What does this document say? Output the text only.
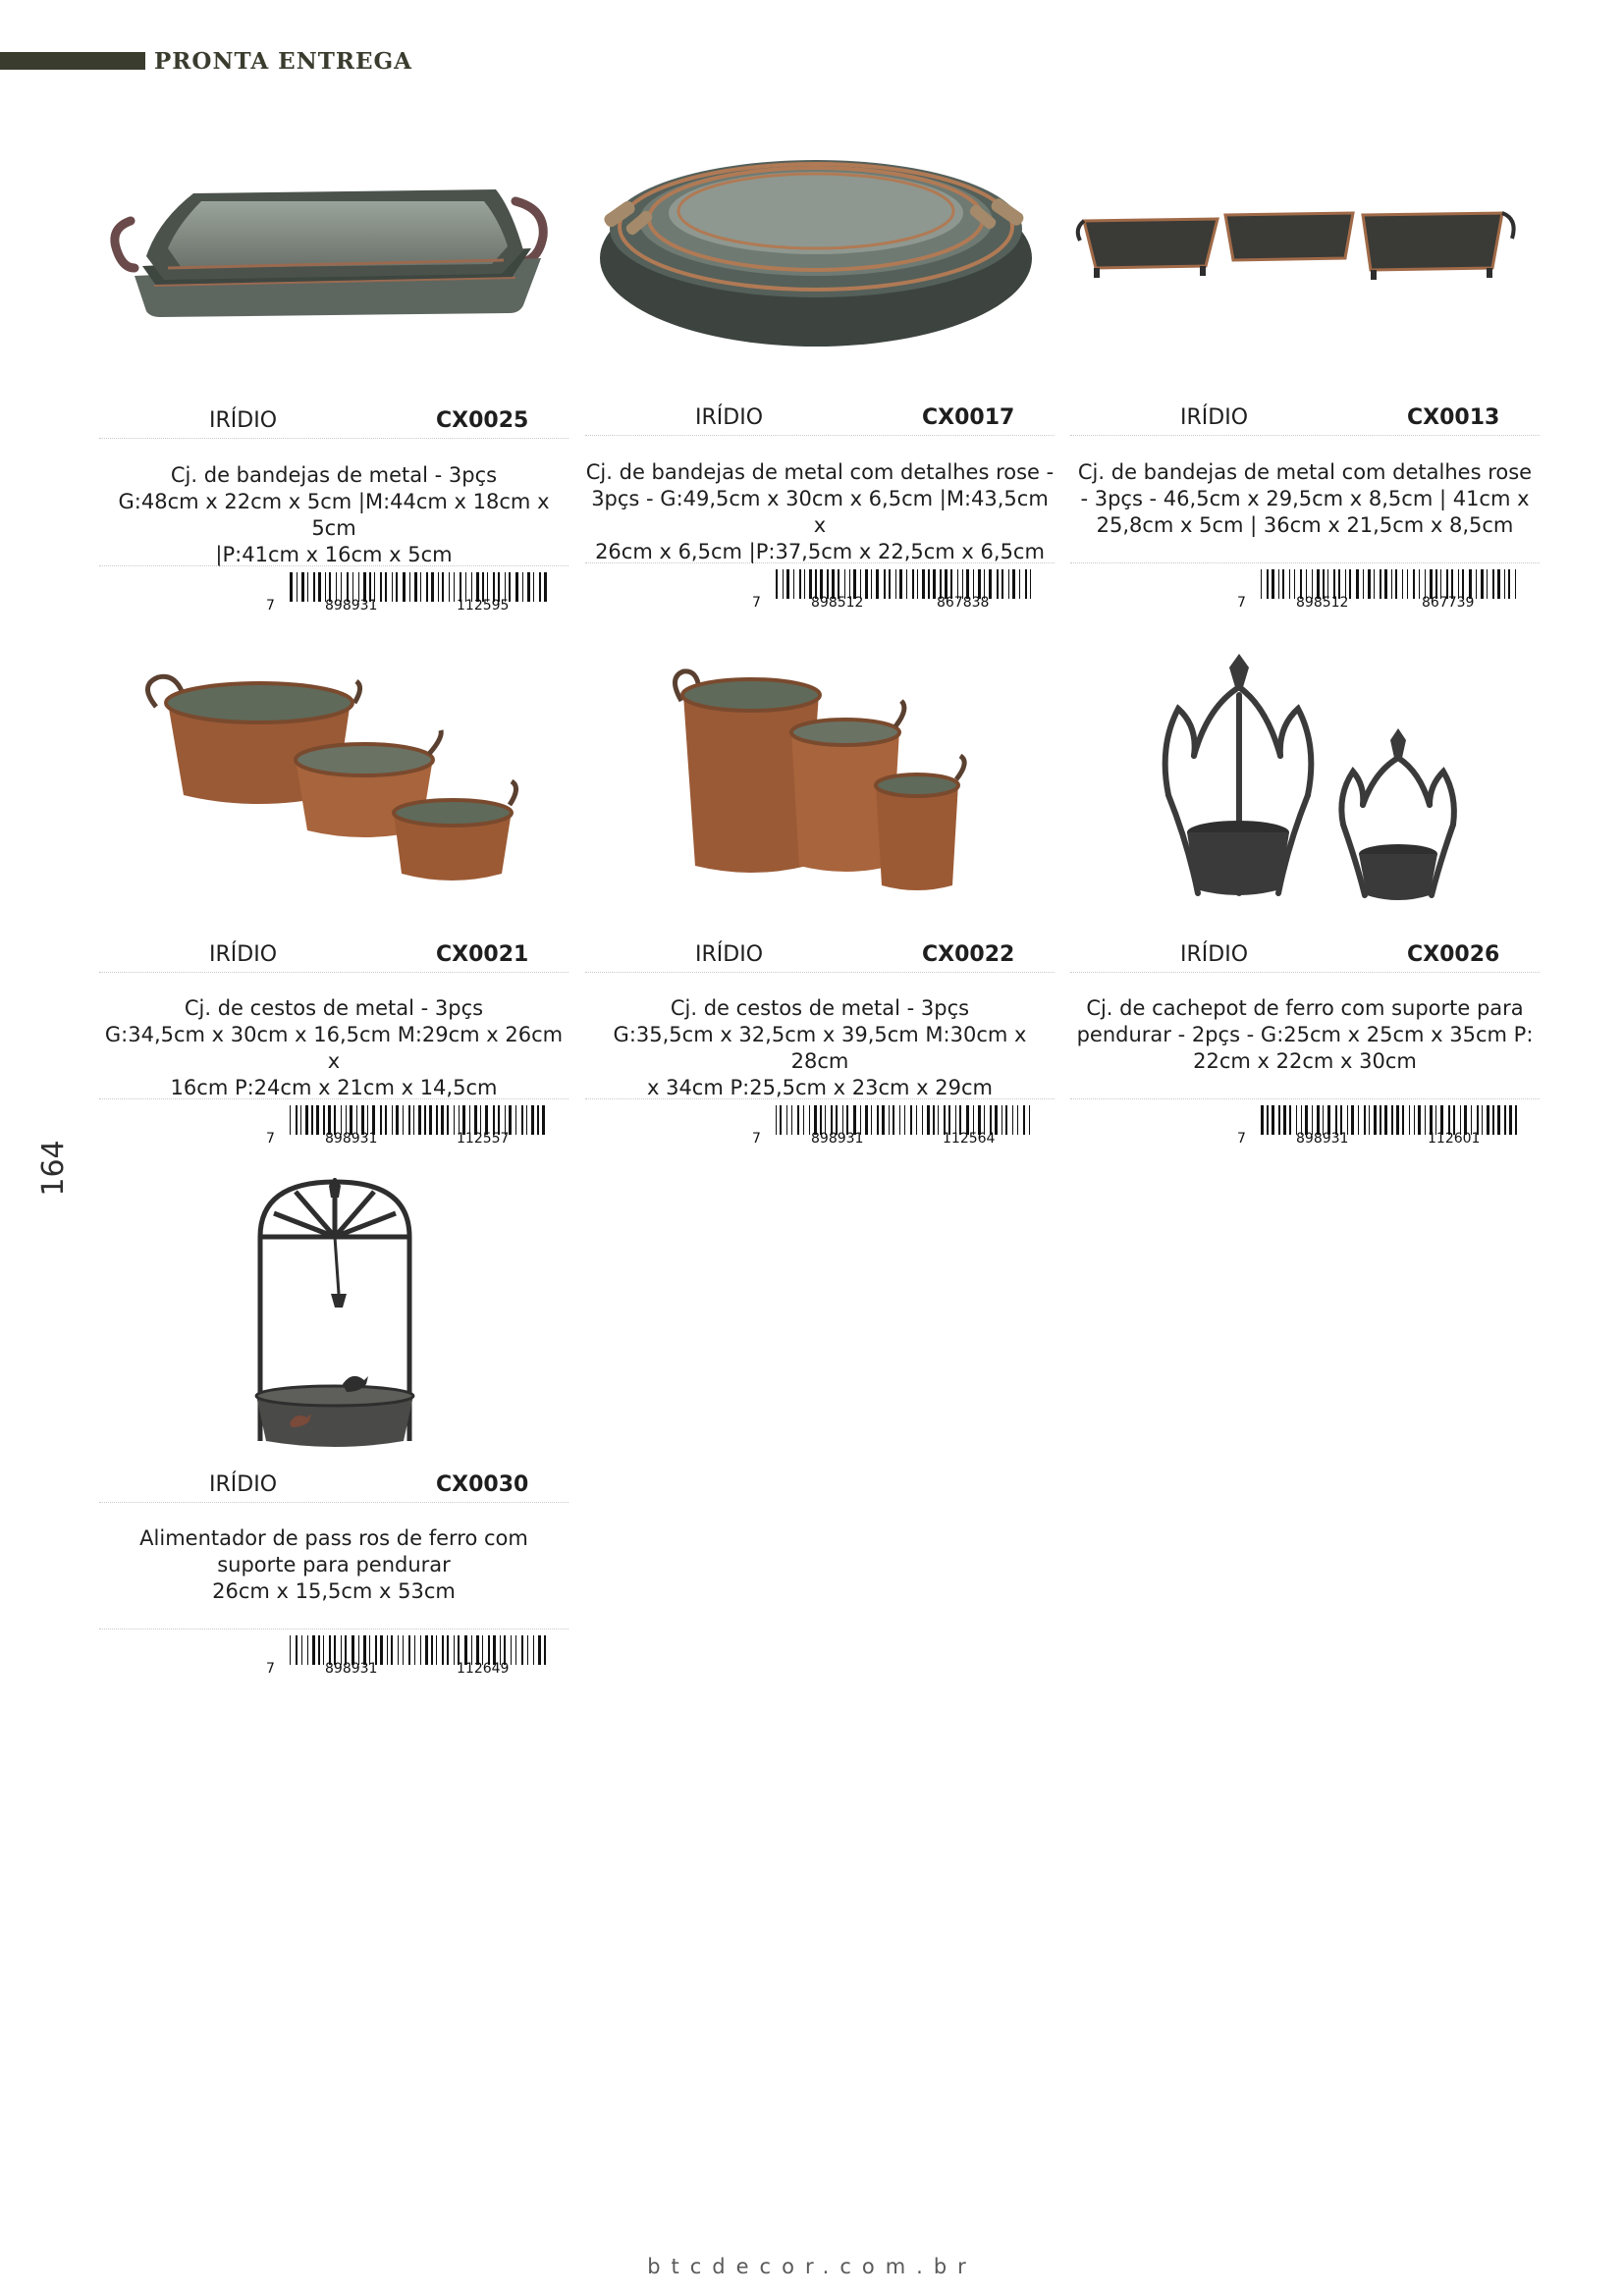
PRONTA ENTREGA
164
IRÍDIO	CX0025
Cj. de bandejas de metal - 3pçs
G:48cm x 22cm x 5cm |M:44cm x 18cm x 5cm
|P:41cm x 16cm x 5cm
7	898931	112595
IRÍDIO	CX0017
Cj. de bandejas de metal com detalhes rose -
3pçs - G:49,5cm x 30cm x 6,5cm |M:43,5cm x
26cm x 6,5cm |P:37,5cm x 22,5cm x 6,5cm
7	898512	867838
IRÍDIO	CX0013
Cj. de bandejas de metal com detalhes rose
- 3pçs - 46,5cm x 29,5cm x 8,5cm | 41cm x
25,8cm x 5cm | 36cm x 21,5cm x 8,5cm
7	898512	867739
IRÍDIO	CX0021
Cj. de cestos de metal - 3pçs
G:34,5cm x 30cm x 16,5cm M:29cm x 26cm x
16cm P:24cm x 21cm x 14,5cm
7	898931	112557
IRÍDIO	CX0022
Cj. de cestos de metal - 3pçs
G:35,5cm x 32,5cm x 39,5cm M:30cm x 28cm
x 34cm P:25,5cm x 23cm x 29cm
7	898931	112564
IRÍDIO	CX0026
Cj. de cachepot de ferro com suporte para
pendurar - 2pçs - G:25cm x 25cm x 35cm P:
22cm x 22cm x 30cm
7	898931	112601
IRÍDIO	CX0030
Alimentador de pass ros de ferro com
suporte para pendurar
26cm x 15,5cm x 53cm
7	898931	112649
btcdecor.com.br
